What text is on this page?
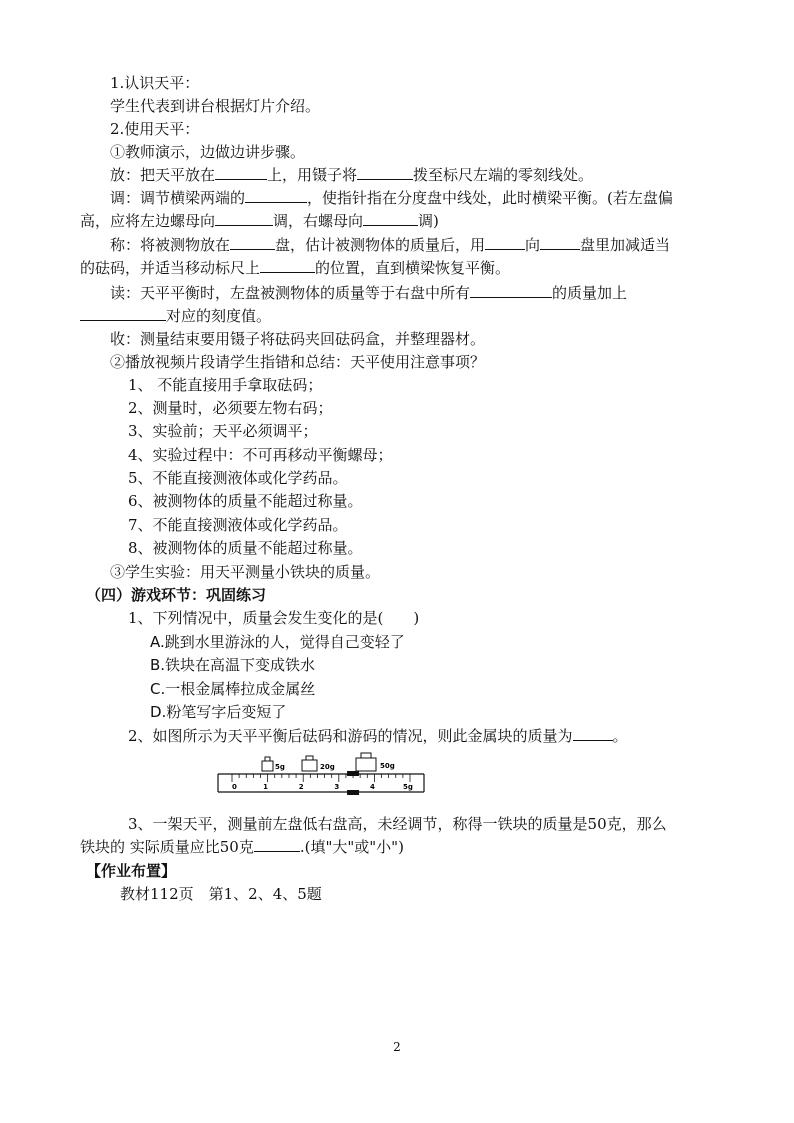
1.认识天平：
学生代表到讲台根据灯片介绍。
2.使用天平：
①教师演示，边做边讲步骤。
放：把天平放在	上，用镊子将	拨至标尺左端的零刻线处。
调：调节横梁两端的	，使指针指在分度盘中线处，此时横梁平衡。(若左盘偏
高，应将左边螺母向	调，右螺母向	调)
称：将被测物放在	盘，估计被测物体的质量后，用	向	盘里加减适当
的砝码，并适当移动标尺上	的位置，直到横梁恢复平衡。
读：天平平衡时，左盘被测物体的质量等于右盘中所有	的质量加上
对应的刻度值。
收：测量结束要用镊子将砝码夹回砝码盒，并整理器材。
②播放视频片段请学生指错和总结：天平使用注意事项？
1、 不能直接用手拿取砝码；
2、测量时，必须要左物右码；
3、实验前；天平必须调平；
4、实验过程中：不可再移动平衡螺母；
5、不能直接测液体或化学药品。
6、被测物体的质量不能超过称量。
7、不能直接测液体或化学药品。
8、被测物体的质量不能超过称量。
③学生实验：用天平测量小铁块的质量。
（四）游戏环节：巩固练习
1、下列情况中，质量会发生变化的是(　　)
A.跳到水里游泳的人，觉得自己变轻了
B.铁块在高温下变成铁水
C.一根金属棒拉成金属丝
D.粉笔写字后变短了
2、如图所示为天平平衡后砝码和游码的情况，则此金属块的质量为	。
5g	20g	50g
0	1	2	3	4	5g
3、一架天平，测量前左盘低右盘高，未经调节，称得一铁块的质量是50克，那么
铁块的 实际质量应比50克	.(填"大"或"小")
【作业布置】
教材112页　第1、2、4、5题
2
